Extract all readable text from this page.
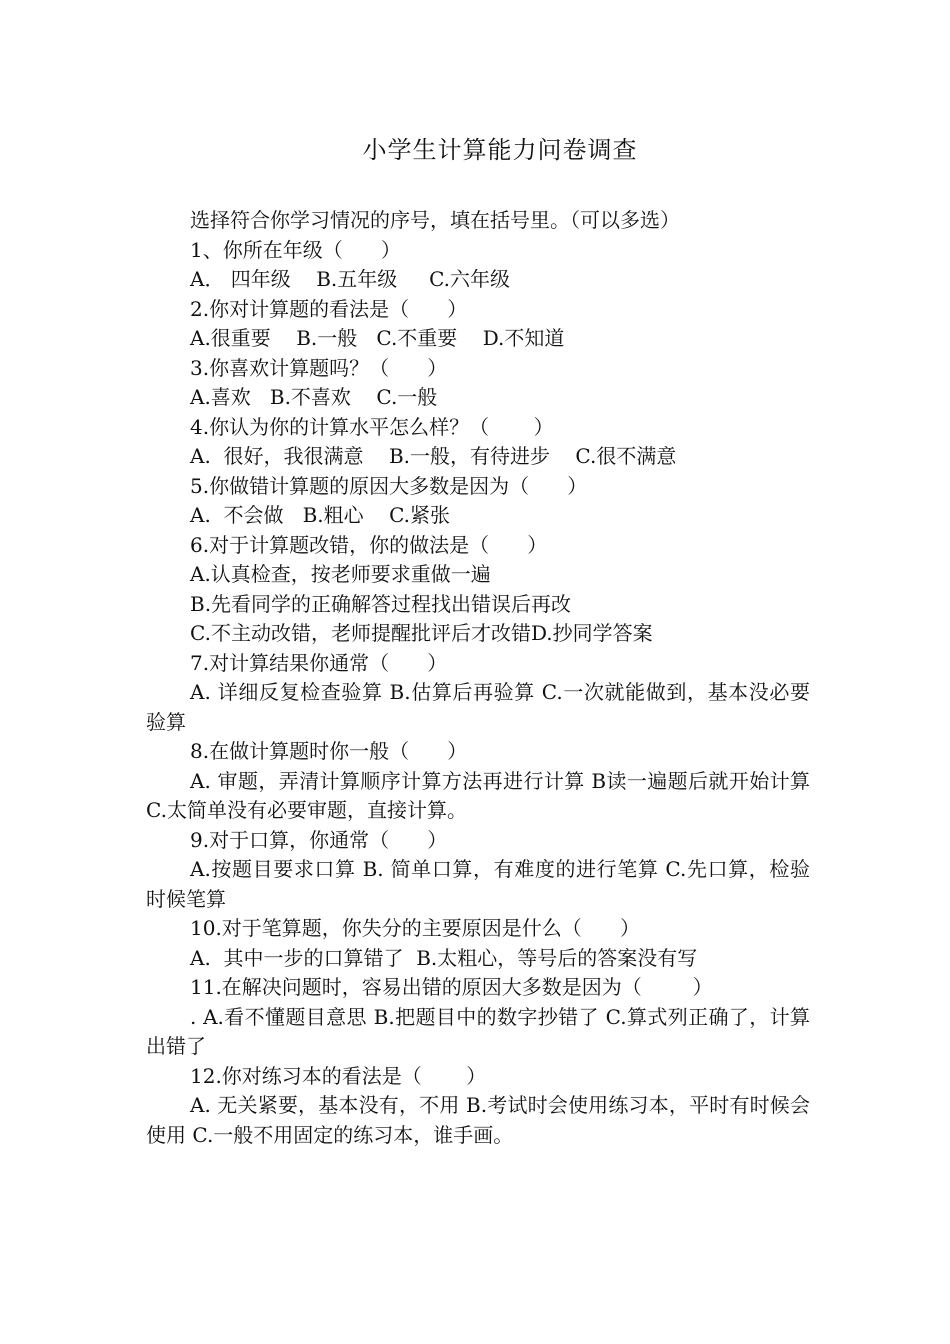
小学生计算能力问卷调查

选择符合你学习情况的序号，填在括号里。（可以多选）

1、你所在年级（      ）

A． 四年级    B.五年级     C.六年级

2.你对计算题的看法是（      ）

A.很重要    B.一般   C.不重要    D.不知道

3.你喜欢计算题吗？（      ）

A.喜欢   B.不喜欢    C.一般

4.你认为你的计算水平怎么样？（       ）

A.  很好，我很满意    B.一般，有待进步    C.很不满意

5.你做错计算题的原因大多数是因为（      ）

A.  不会做   B.粗心    C.紧张

6.对于计算题改错，你的做法是（      ）

A.认真检查，按老师要求重做一遍

B.先看同学的正确解答过程找出错误后再改

C.不主动改错，老师提醒批评后才改错D.抄同学答案

7.对计算结果你通常（      ）

A. 详细反复检查验算 B.估算后再验算 C.一次就能做到，基本没必要验算

8.在做计算题时你一般（      ）

A. 审题，弄清计算顺序计算方法再进行计算 B读一遍题后就开始计算 C.太简单没有必要审题，直接计算。

9.对于口算，你通常（      ）

A.按题目要求口算 B. 简单口算，有难度的进行笔算 C.先口算，检验时候笔算

10.对于笔算题，你失分的主要原因是什么（      ）

A.  其中一步的口算错了  B.太粗心，等号后的答案没有写

11.在解决问题时，容易出错的原因大多数是因为（        ）

. A.看不懂题目意思 B.把题目中的数字抄错了 C.算式列正确了，计算出错了

12.你对练习本的看法是（       ）

A. 无关紧要，基本没有，不用 B.考试时会使用练习本，平时有时候会使用 C.一般不用固定的练习本，谁手画。
